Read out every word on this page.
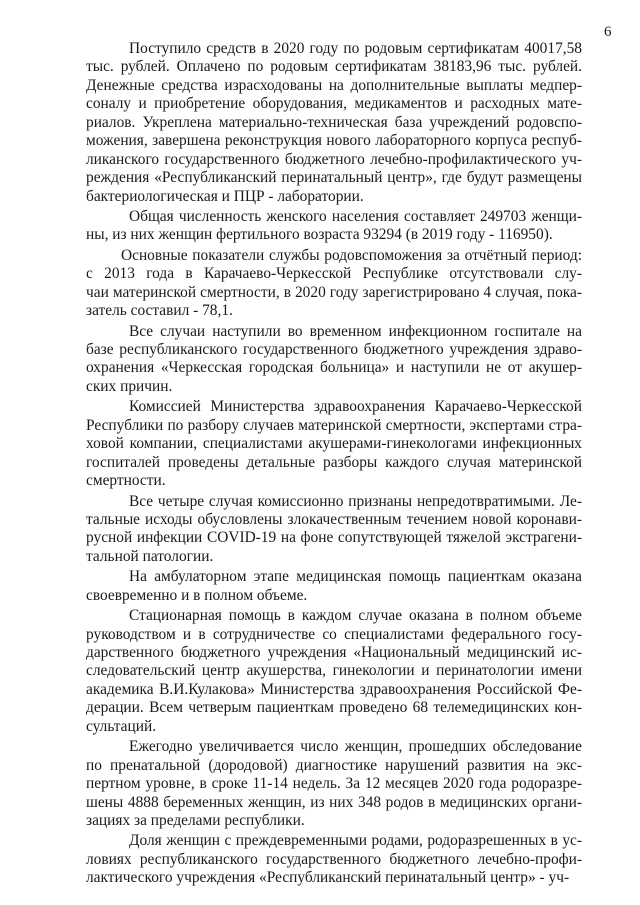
6
Поступило средств в 2020 году по родовым сертификатам 40017,58
тыс. рублей. Оплачено по родовым сертификатам 38183,96 тыс. рублей.
Денежные средства израсходованы на дополнительные выплаты медпер-
соналу и приобретение оборудования, медикаментов и расходных мате-
риалов. Укреплена материально-техническая база учреждений родовспо-
можения, завершена реконструкция нового лабораторного корпуса респуб-
ликанского государственного бюджетного лечебно-профилактического уч-
реждения «Республиканский перинатальный центр», где будут размещены
бактериологическая и ПЦР - лаборатории.
Общая численность женского населения составляет 249703 женщи-
ны, из них женщин фертильного возраста 93294 (в 2019 году - 116950).
Основные показатели службы родовспоможения за отчётный период:
с 2013 года в Карачаево-Черкесской Республике отсутствовали слу-
чаи материнской смертности, в 2020 году зарегистрировано 4 случая, пока-
затель составил - 78,1.
Все случаи наступили во временном инфекционном госпитале на
базе республиканского государственного бюджетного учреждения здраво-
охранения «Черкесская городская больница» и наступили не от акушер-
ских причин.
Комиссией Министерства здравоохранения Карачаево-Черкесской
Республики по разбору случаев материнской смертности, экспертами стра-
ховой компании, специалистами акушерами-гинекологами инфекционных
госпиталей проведены детальные разборы каждого случая материнской
смертности.
Все четыре случая комиссионно признаны непредотвратимыми. Ле-
тальные исходы обусловлены злокачественным течением новой коронави-
русной инфекции COVID-19 на фоне сопутствующей тяжелой экстрагени-
тальной патологии.
На амбулаторном этапе медицинская помощь пациенткам оказана
своевременно и в полном объеме.
Стационарная помощь в каждом случае оказана в полном объеме
руководством и в сотрудничестве со специалистами федерального госу-
дарственного бюджетного учреждения «Национальный медицинский ис-
следовательский центр акушерства, гинекологии и перинатологии имени
академика В.И.Кулакова» Министерства здравоохранения Российской Фе-
дерации. Всем четверым пациенткам проведено 68 телемедицинских кон-
сультаций.
Ежегодно увеличивается число женщин, прошедших обследование
по пренатальной (дородовой) диагностике нарушений развития на экс-
пертном уровне, в сроке 11-14 недель. За 12 месяцев 2020 года родоразре-
шены 4888 беременных женщин, из них 348 родов в медицинских органи-
зациях за пределами республики.
Доля женщин с преждевременными родами, родоразрешенных в ус-
ловиях республиканского государственного бюджетного лечебно-профи-
лактического учреждения «Республиканский перинатальный центр» - уч-
